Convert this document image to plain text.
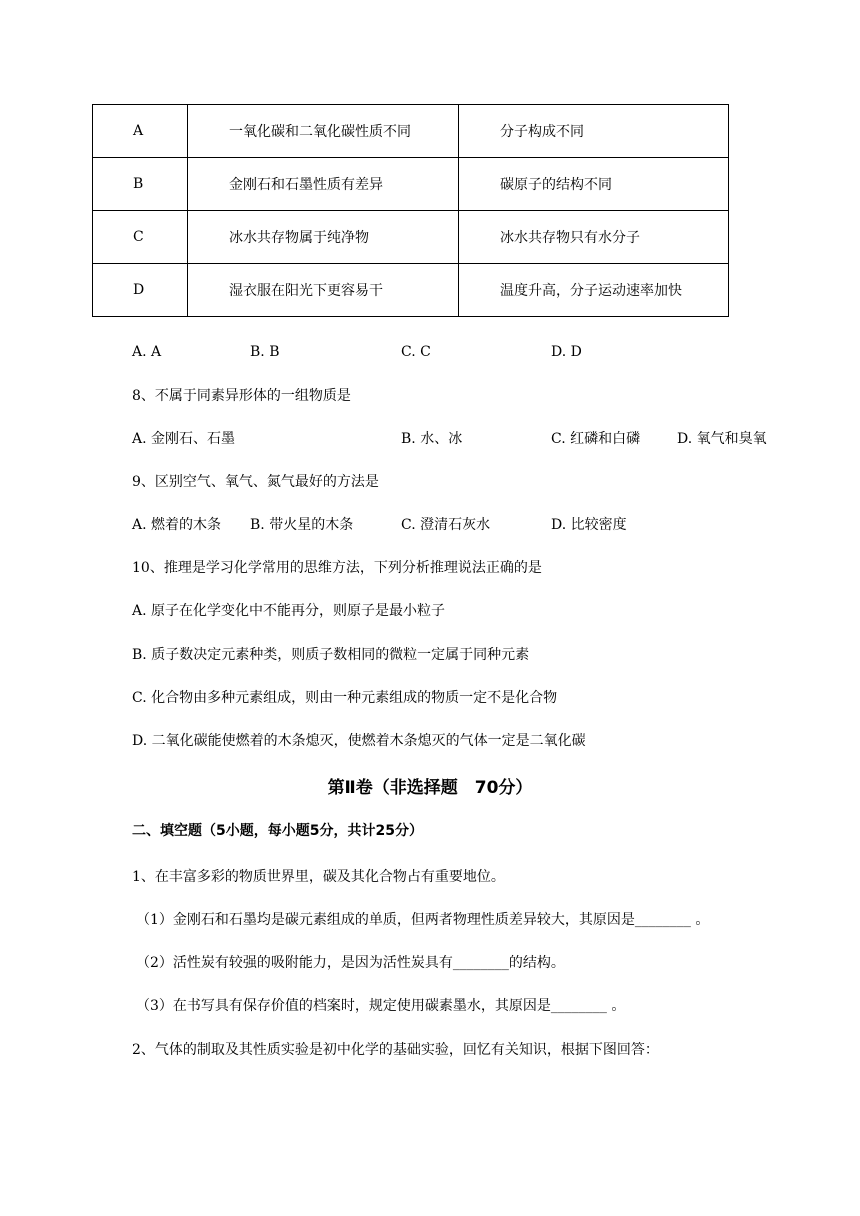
A	一氧化碳和二氧化碳性质不同	分子构成不同
B	金刚石和石墨性质有差异	碳原子的结构不同
C	冰水共存物属于纯净物	冰水共存物只有水分子
D	湿衣服在阳光下更容易干	温度升高，分子运动速率加快
A. A	B. B	C. C	D. D
8、不属于同素异形体的一组物质是
A. 金刚石、石墨	B. 水、冰	C. 红磷和白磷	D. 氧气和臭氧
9、区别空气、氧气、氮气最好的方法是
A. 燃着的木条 B. 带火星的木条	C. 澄清石灰水	D. 比较密度
10、推理是学习化学常用的思维方法，下列分析推理说法正确的是
A. 原子在化学变化中不能再分，则原子是最小粒子
B. 质子数决定元素种类，则质子数相同的微粒一定属于同种元素
C. 化合物由多种元素组成，则由一种元素组成的物质一定不是化合物
D. 二氧化碳能使燃着的木条熄灭，使燃着木条熄灭的气体一定是二氧化碳
第Ⅱ卷（非选择题　70分）
二、填空题（5小题，每小题5分，共计25分）
1、在丰富多彩的物质世界里，碳及其化合物占有重要地位。
（1）金刚石和石墨均是碳元素组成的单质，但两者物理性质差异较大，其原因是________ 。
（2）活性炭有较强的吸附能力，是因为活性炭具有________的结构。
（3）在书写具有保存价值的档案时，规定使用碳素墨水，其原因是________ 。
2、气体的制取及其性质实验是初中化学的基础实验，回忆有关知识，根据下图回答：
